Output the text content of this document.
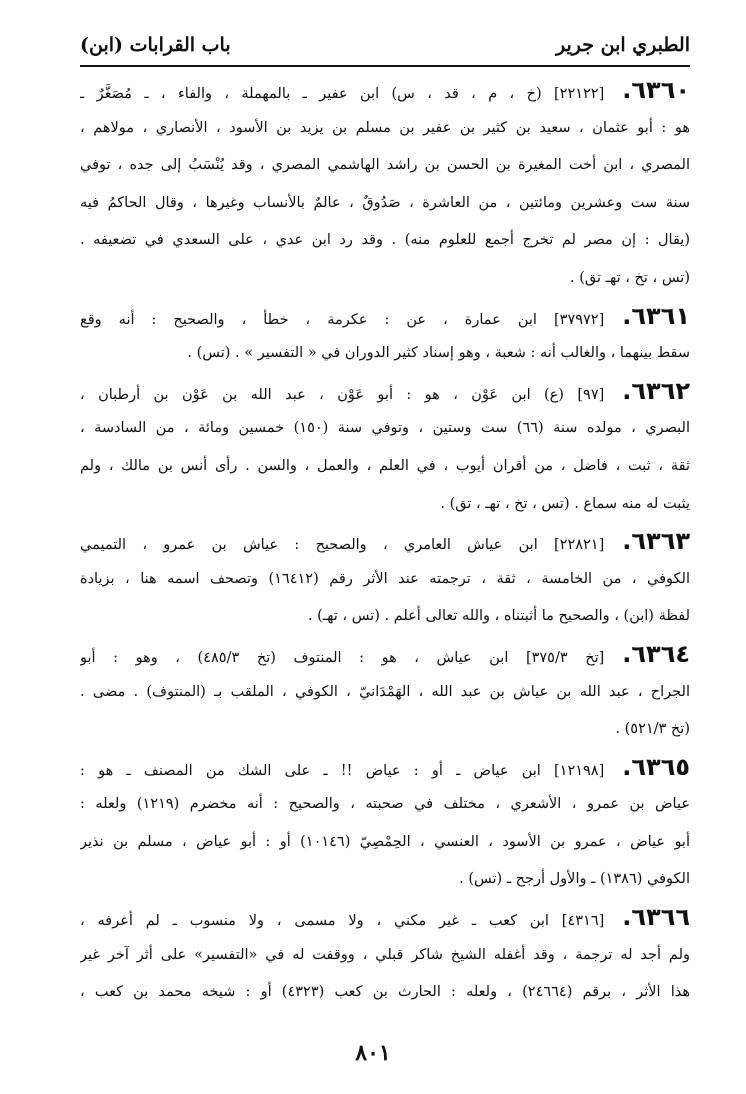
الطبري ابن جرير
باب القرابات (ابن)
٦٣٦٠.[٢٢١٢٢] (خ ، م ، قد ، س) ابن عفير ـ بالمهملة ، والفاء ، ـ مُصَغَّرٌ ـ
هو : أبو عثمان ، سعيد بن كثير بن عفير بن مسلم بن يزيد بن الأسود ، الأنصاري ، مولاهم ،
المصري ، ابن أخت المغيرة بن الحسن بن راشد الهاشمي المصري ، وقد يُنْسَبُ إلى جده ، توفي
سنة ست وعشرين ومائتين ، من العاشرة ، صَدُوقٌ ، عالمٌ بالأنساب وغيرها ، وقال الحاكمُ فيه
(يقال : إن مصر لم تخرج أجمع للعلوم منه) . وقد رد ابن عدي ، على السعدي في تضعيفه .
(تس ، تخ ، تهـ تق) .
٦٣٦١.[٣٧٩٧٢] ابن عمارة ، عن : عكرمة ، خطأ ، والصحيح : أنه وقع
سقط بينهما ، والغالب أنه : شعبة ، وهو إسناد كثير الدوران في « التفسير » . (تس) .
٦٣٦٢.[٩٧] (ع) ابن عَوْن ، هو : أبو عَوْن ، عبد الله بن عَوْن بن أرطبان ،
البصري ، مولده سنة (٦٦) ست وستين ، وتوفي سنة (١٥٠) خمسين ومائة ، من السادسة ،
ثقة ، ثبت ، فاضل ، من أقران أيوب ، في العلم ، والعمل ، والسن . رأى أنس بن مالك ، ولم
يثبت له منه سماع . (تس ، تخ ، تهـ ، تق) .
٦٣٦٣.[٢٢٨٢١] ابن عياش العامري ، والصحيح : عياش بن عمرو ، التميمي
الكوفي ، من الخامسة ، ثقة ، ترجمته عند الأثر رقم (١٦٤١٢) وتصحف اسمه هنا ، بزيادة
لفظة (ابن) ، والصحيح ما أثبتناه ، والله تعالى أعلم . (تس ، تهـ) .
٦٣٦٤.[تخ ٣٧٥/٣] ابن عياش ، هو : المنتوف (تخ ٤٨٥/٣) ، وهو : أبو
الجراح ، عبد الله بن عياش بن عبد الله ، الهَمْدَانيّ ، الكوفي ، الملقب بـ (المنتوف) . مضى .
(تخ ٥٢١/٣) .
٦٣٦٥.[١٢١٩٨] ابن عياض ـ أو : عياض !! ـ على الشك من المصنف ـ هو :
عياض بن عمرو ، الأشعري ، مختلف في صحبته ، والصحيح : أنه مخضرم (١٢١٩) ولعله :
أبو عياض ، عمرو بن الأسود ، العنسي ، الحِمْصِيّ (١٠١٤٦) أو : أبو عياض ، مسلم بن نذير
الكوفي (١٣٨٦) ـ والأول أرجح ـ (تس) .
٦٣٦٦.[٤٣١٦] ابن كعب ـ غير مكني ، ولا مسمى ، ولا منسوب ـ لم أعرفه ،
ولم أجد له ترجمة ، وقد أغفله الشيخ شاكر قبلي ، ووقفت له في «التفسير» على أثر آخر غير
هذا الأثر ، برقم (٢٤٦٦٤) ، ولعله : الحارث بن كعب (٤٣٢٣) أو : شيخه محمد بن كعب ،
٨٠١
